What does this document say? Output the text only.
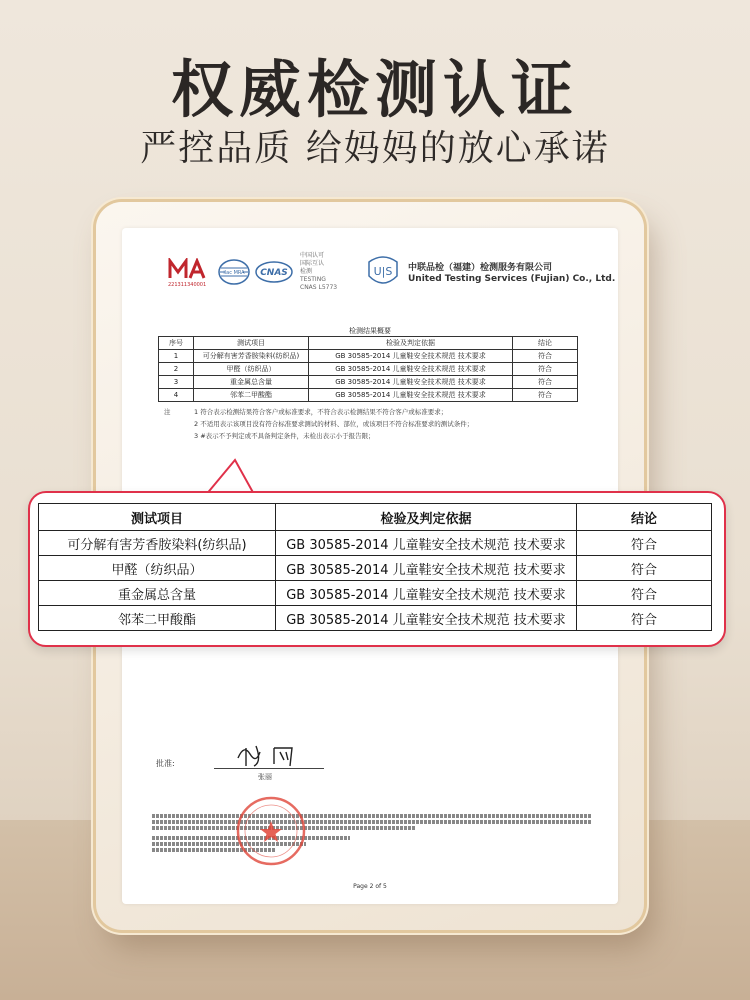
权威检测认证
严控品质 给妈妈的放心承诺
221311340001
ilac MRA CNAS
中国认可
国际互认
检测
TESTING
CNAS L5773
U|S 中联品检（福建）检测服务有限公司
United Testing Services (Fujian) Co., Ltd.
检测结果概要
序号	测试项目	检验及判定依据	结论
1	可分解有害芳香胺染料(纺织品)	GB 30585-2014 儿童鞋安全技术规范 技术要求	符合
2	甲醛（纺织品）	GB 30585-2014 儿童鞋安全技术规范 技术要求	符合
3	重金属总含量	GB 30585-2014 儿童鞋安全技术规范 技术要求	符合
4	邻苯二甲酸酯	GB 30585-2014 儿童鞋安全技术规范 技术要求	符合
注	1 符合表示检测结果符合客户或标准要求，不符合表示检测结果不符合客户或标准要求；
2 不适用表示该项目没有符合标准要求测试的材料、部位，或该项目不符合标准要求的测试条件；
3 #表示不予判定或不具备判定条件，未检出表示小于报告限；
批准:
张丽
Page 2 of 5
测试项目	检验及判定依据	结论
可分解有害芳香胺染料(纺织品)	GB 30585-2014 儿童鞋安全技术规范 技术要求	符合
甲醛（纺织品）	GB 30585-2014 儿童鞋安全技术规范 技术要求	符合
重金属总含量	GB 30585-2014 儿童鞋安全技术规范 技术要求	符合
邻苯二甲酸酯	GB 30585-2014 儿童鞋安全技术规范 技术要求	符合
